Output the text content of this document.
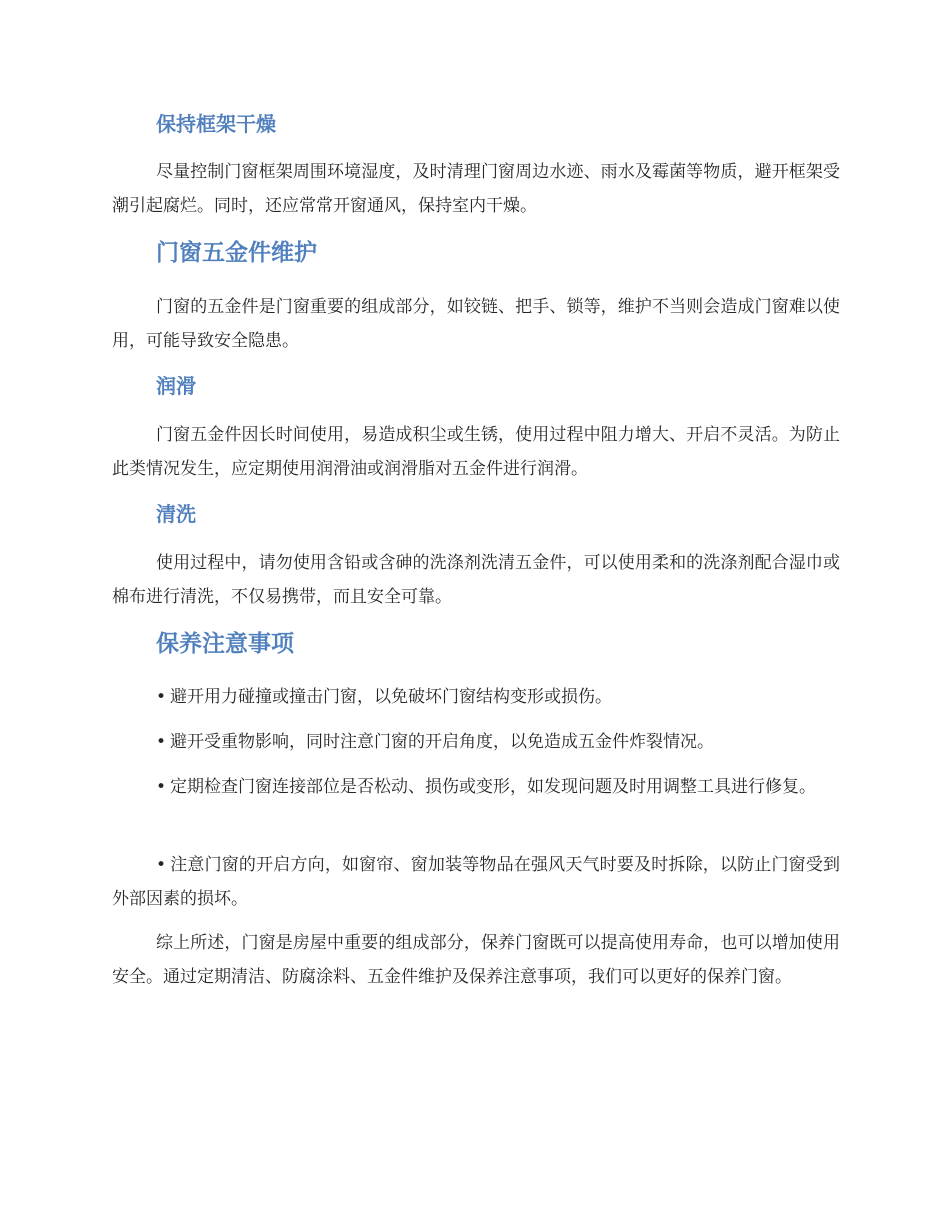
保持框架干燥

尽量控制门窗框架周围环境湿度，及时清理门窗周边水迹、雨水及霉菌等物质，避开框架受潮引起腐烂。同时，还应常常开窗通风，保持室内干燥。

门窗五金件维护

门窗的五金件是门窗重要的组成部分，如铰链、把手、锁等，维护不当则会造成门窗难以使用，可能导致安全隐患。

润滑

门窗五金件因长时间使用，易造成积尘或生锈，使用过程中阻力增大、开启不灵活。为防止此类情况发生，应定期使用润滑油或润滑脂对五金件进行润滑。

清洗

使用过程中，请勿使用含铅或含砷的洗涤剂洗清五金件，可以使用柔和的洗涤剂配合湿巾或棉布进行清洗，不仅易携带，而且安全可靠。

保养注意事项

• 避开用力碰撞或撞击门窗，以免破坏门窗结构变形或损伤。

• 避开受重物影响，同时注意门窗的开启角度，以免造成五金件炸裂情况。

• 定期检查门窗连接部位是否松动、损伤或变形，如发现问题及时用调整工具进行修复。

• 注意门窗的开启方向，如窗帘、窗加装等物品在强风天气时要及时拆除，以防止门窗受到外部因素的损坏。

综上所述，门窗是房屋中重要的组成部分，保养门窗既可以提高使用寿命，也可以增加使用安全。通过定期清洁、防腐涂料、五金件维护及保养注意事项，我们可以更好的保养门窗。
